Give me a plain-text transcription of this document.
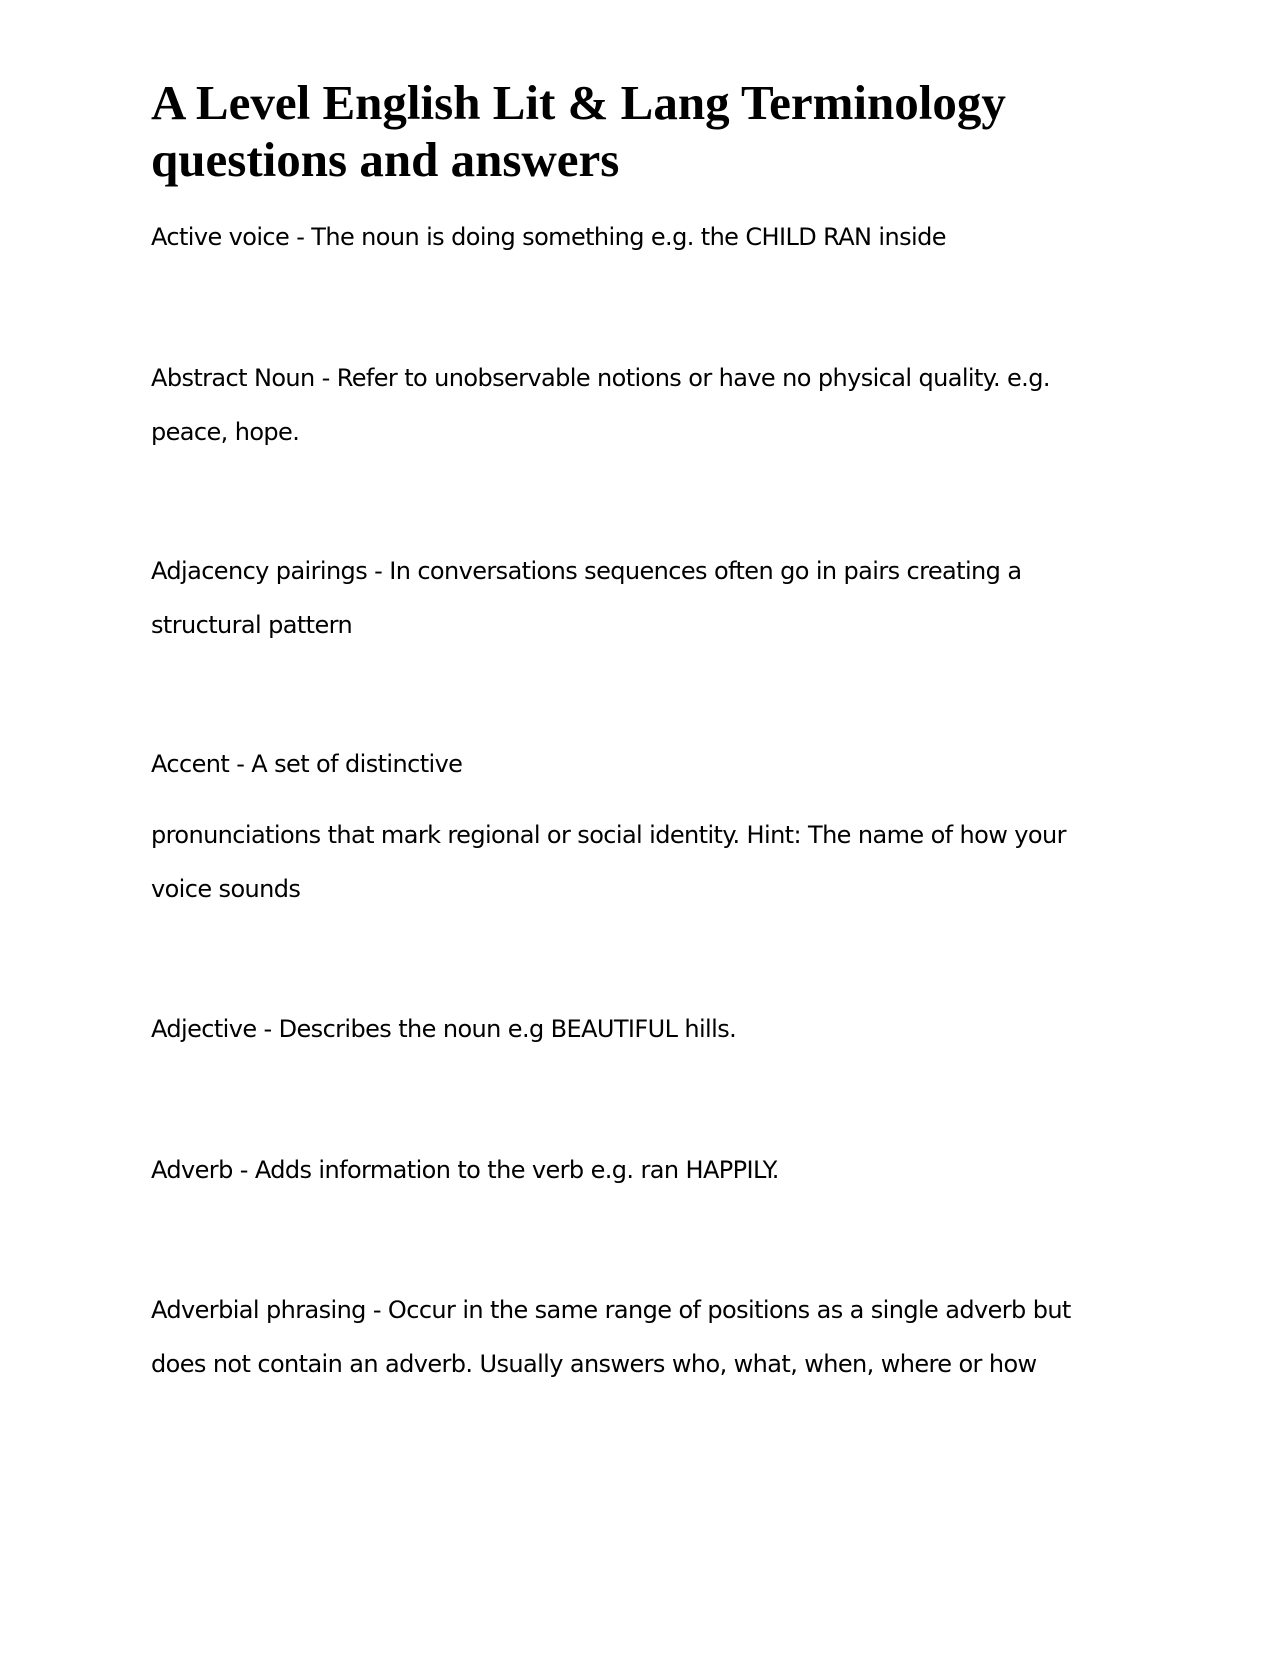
A Level English Lit & Lang Terminology
questions and answers

Active voice - The noun is doing something e.g. the CHILD RAN inside

Abstract Noun - Refer to unobservable notions or have no physical quality. e.g.
peace, hope.

Adjacency pairings - In conversations sequences often go in pairs creating a
structural pattern

Accent - A set of distinctive

pronunciations that mark regional or social identity. Hint: The name of how your
voice sounds

Adjective - Describes the noun e.g BEAUTIFUL hills.

Adverb - Adds information to the verb e.g. ran HAPPILY.

Adverbial phrasing - Occur in the same range of positions as a single adverb but
does not contain an adverb. Usually answers who, what, when, where or how
